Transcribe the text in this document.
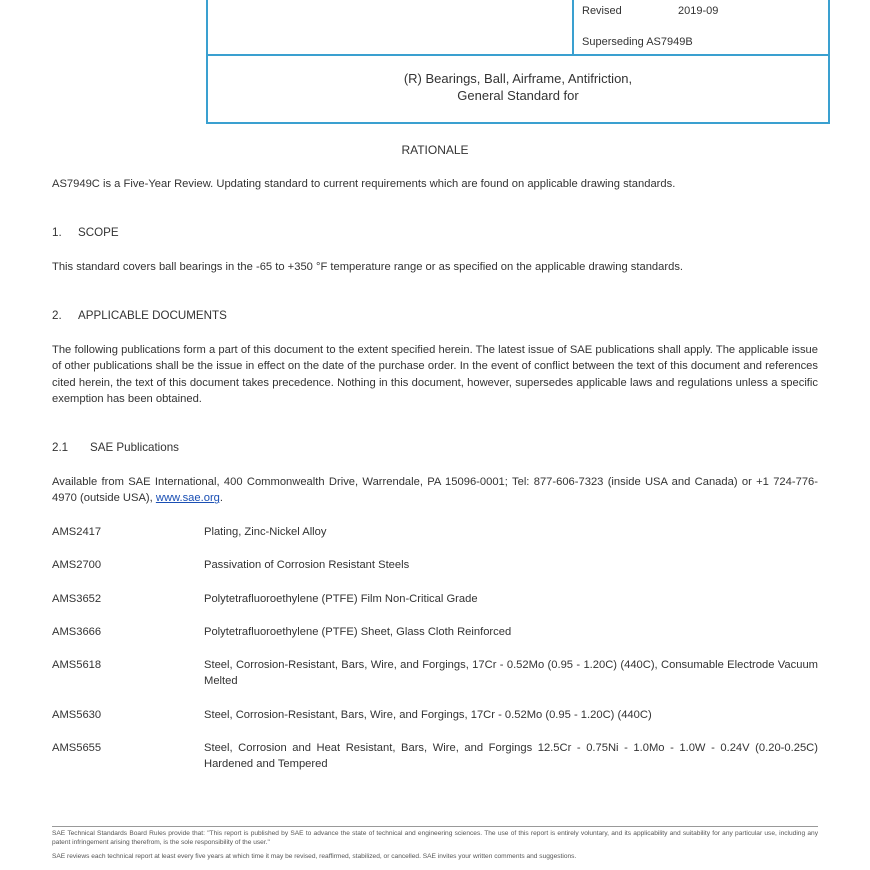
Revised	2019-09
Superseding AS7949B
(R) Bearings, Ball, Airframe, Antifriction,
General Standard for
RATIONALE
AS7949C is a Five-Year Review. Updating standard to current requirements which are found on applicable drawing standards.
1. SCOPE
This standard covers ball bearings in the -65 to +350 °F temperature range or as specified on the applicable drawing standards.
2. APPLICABLE DOCUMENTS
The following publications form a part of this document to the extent specified herein. The latest issue of SAE publications shall apply. The applicable issue of other publications shall be the issue in effect on the date of the purchase order. In the event of conflict between the text of this document and references cited herein, the text of this document takes precedence. Nothing in this document, however, supersedes applicable laws and regulations unless a specific exemption has been obtained.
2.1 SAE Publications
Available from SAE International, 400 Commonwealth Drive, Warrendale, PA 15096-0001; Tel: 877-606-7323 (inside USA and Canada) or +1 724-776-4970 (outside USA), www.sae.org.
AMS2417	Plating, Zinc-Nickel Alloy
AMS2700	Passivation of Corrosion Resistant Steels
AMS3652	Polytetrafluoroethylene (PTFE) Film Non-Critical Grade
AMS3666	Polytetrafluoroethylene (PTFE) Sheet, Glass Cloth Reinforced
AMS5618	Steel, Corrosion-Resistant, Bars, Wire, and Forgings, 17Cr - 0.52Mo (0.95 - 1.20C) (440C), Consumable Electrode Vacuum Melted
AMS5630	Steel, Corrosion-Resistant, Bars, Wire, and Forgings, 17Cr - 0.52Mo (0.95 - 1.20C) (440C)
AMS5655	Steel, Corrosion and Heat Resistant, Bars, Wire, and Forgings 12.5Cr - 0.75Ni - 1.0Mo - 1.0W - 0.24V (0.20-0.25C) Hardened and Tempered
SAE Technical Standards Board Rules provide that: "This report is published by SAE to advance the state of technical and engineering sciences. The use of this report is entirely voluntary, and its applicability and suitability for any particular use, including any patent infringement arising therefrom, is the sole responsibility of the user."
SAE reviews each technical report at least every five years at which time it may be revised, reaffirmed, stabilized, or cancelled. SAE invites your written comments and suggestions.
